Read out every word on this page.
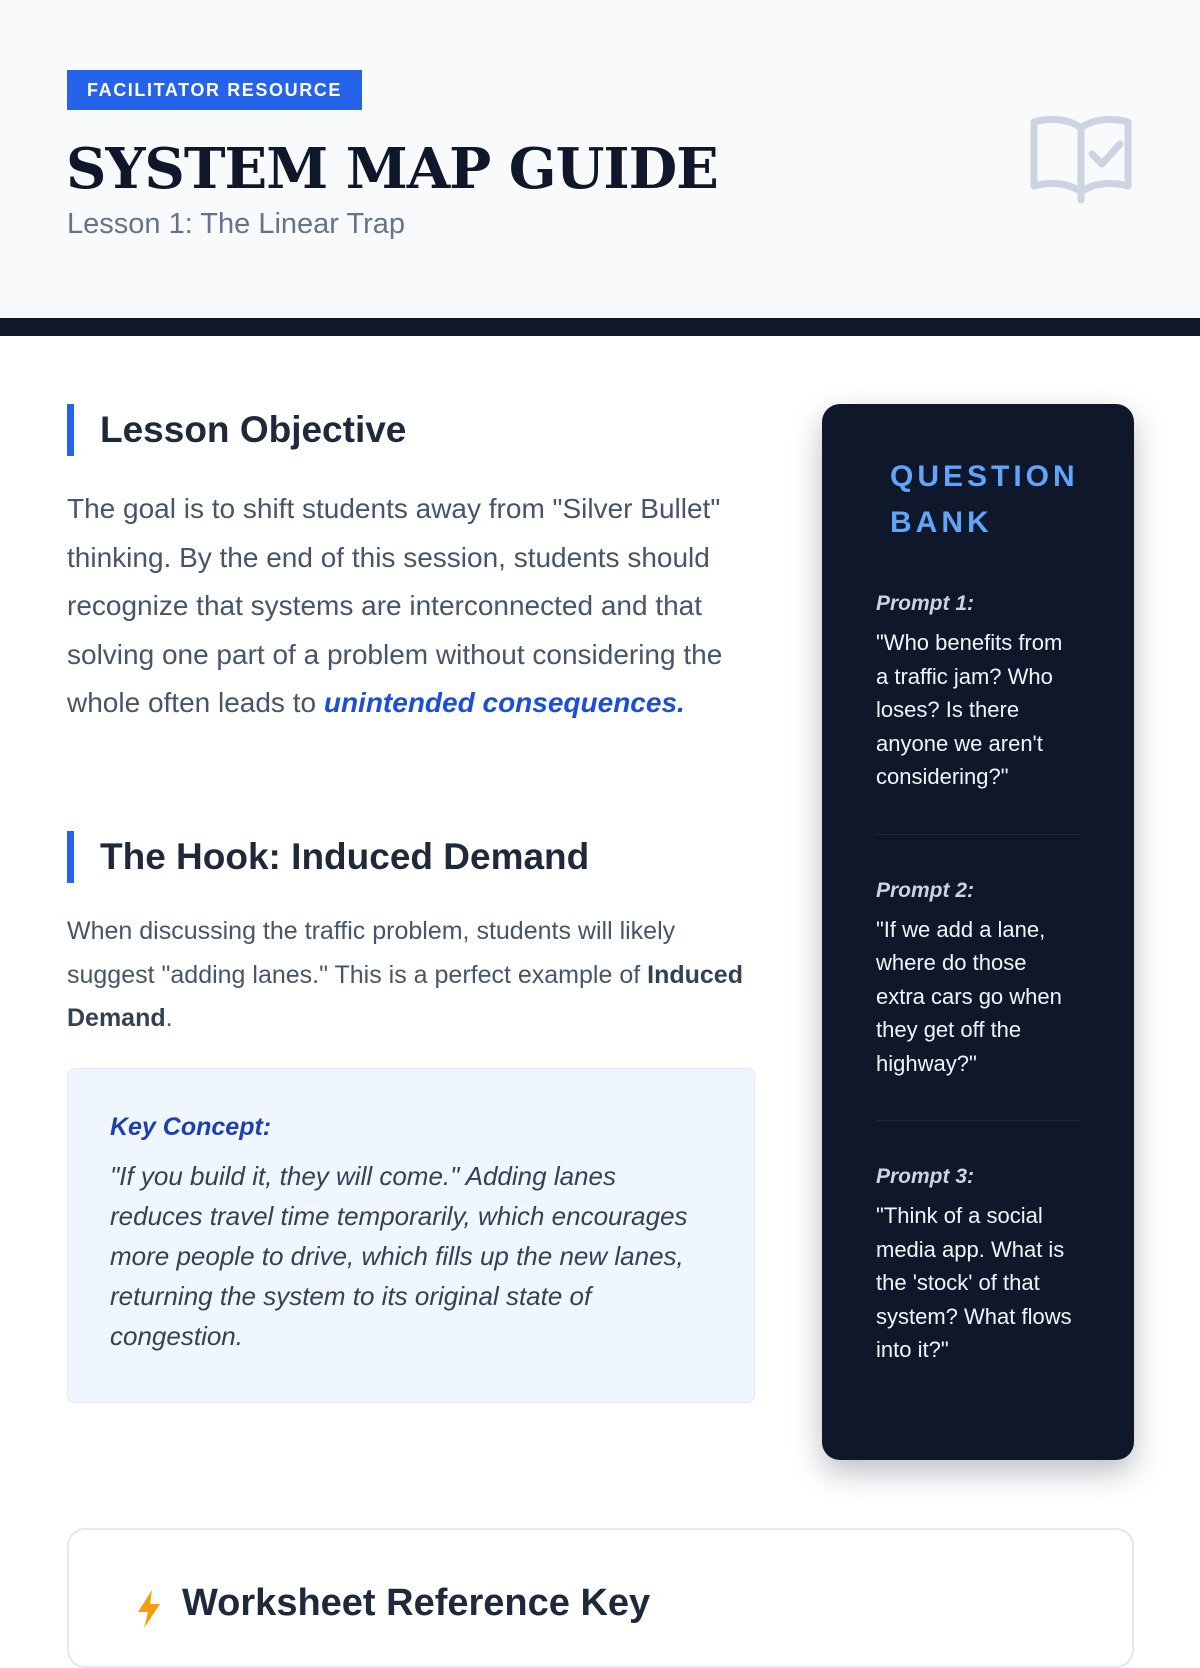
FACILITATOR RESOURCE
SYSTEM MAP GUIDE

Lesson 1: The Linear Trap

Lesson Objective

The goal is to shift students away from "Silver Bullet" thinking. By the end of this session, students should recognize that systems are interconnected and that solving one part of a problem without considering the whole often leads to unintended consequences.

The Hook: Induced Demand

When discussing the traffic problem, students will likely suggest "adding lanes." This is a perfect example of Induced Demand.

Key Concept:

"If you build it, they will come." Adding lanes reduces travel time temporarily, which encourages more people to drive, which fills up the new lanes, returning the system to its original state of congestion.

QUESTION BANK

Prompt 1:

"Who benefits from a traffic jam? Who loses? Is there anyone we aren't considering?"

Prompt 2:

"If we add a lane, where do those extra cars go when they get off the highway?"

Prompt 3:

"Think of a social media app. What is the 'stock' of that system? What flows into it?"

Worksheet Reference Key
